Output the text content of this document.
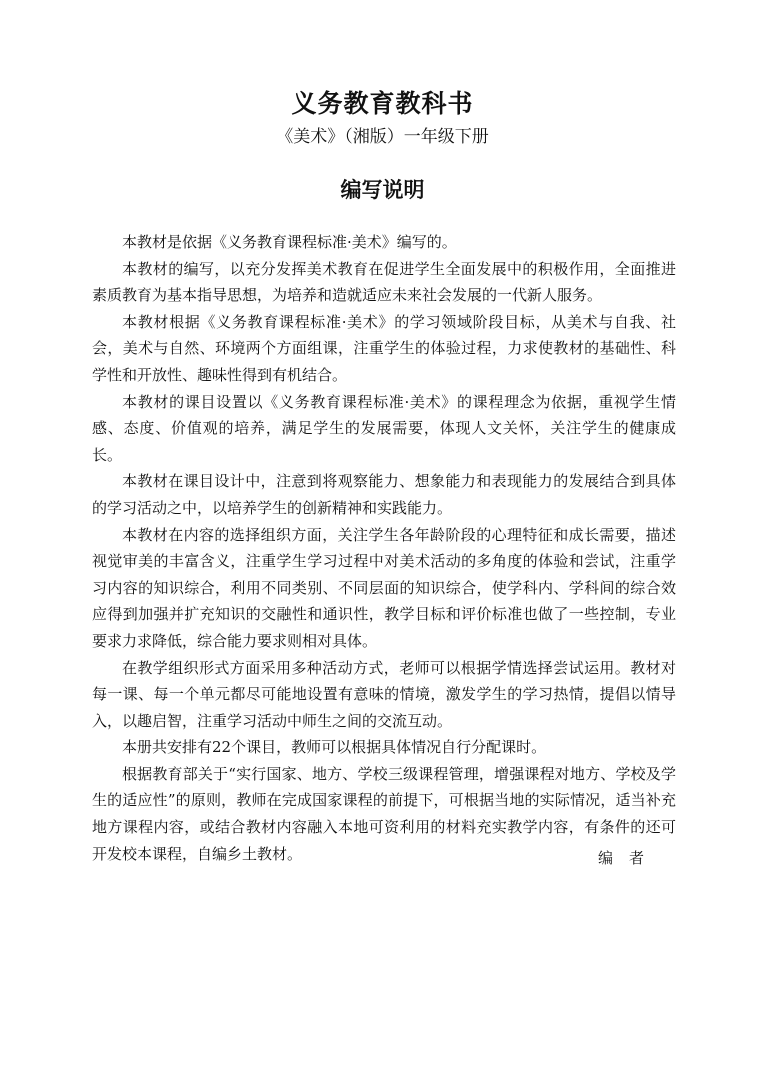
义务教育教科书

《美术》（湘版）一年级下册

编写说明

本教材是依据《义务教育课程标准·美术》编写的。

本教材的编写，以充分发挥美术教育在促进学生全面发展中的积极作用，全面推进素质教育为基本指导思想，为培养和造就适应未来社会发展的一代新人服务。

本教材根据《义务教育课程标准·美术》的学习领域阶段目标，从美术与自我、社会，美术与自然、环境两个方面组课，注重学生的体验过程，力求使教材的基础性、科学性和开放性、趣味性得到有机结合。

本教材的课目设置以《义务教育课程标准·美术》的课程理念为依据，重视学生情感、态度、价值观的培养，满足学生的发展需要，体现人文关怀，关注学生的健康成长。

本教材在课目设计中，注意到将观察能力、想象能力和表现能力的发展结合到具体的学习活动之中，以培养学生的创新精神和实践能力。

本教材在内容的选择组织方面，关注学生各年龄阶段的心理特征和成长需要，描述视觉审美的丰富含义，注重学生学习过程中对美术活动的多角度的体验和尝试，注重学习内容的知识综合，利用不同类别、不同层面的知识综合，使学科内、学科间的综合效应得到加强并扩充知识的交融性和通识性，教学目标和评价标准也做了一些控制，专业要求力求降低，综合能力要求则相对具体。

在教学组织形式方面采用多种活动方式，老师可以根据学情选择尝试运用。教材对每一课、每一个单元都尽可能地设置有意味的情境，激发学生的学习热情，提倡以情导入，以趣启智，注重学习活动中师生之间的交流互动。

本册共安排有22个课目，教师可以根据具体情况自行分配课时。

根据教育部关于“实行国家、地方、学校三级课程管理，增强课程对地方、学校及学生的适应性”的原则，教师在完成国家课程的前提下，可根据当地的实际情况，适当补充地方课程内容，或结合教材内容融入本地可资利用的材料充实教学内容，有条件的还可开发校本课程，自编乡土教材。	编者
